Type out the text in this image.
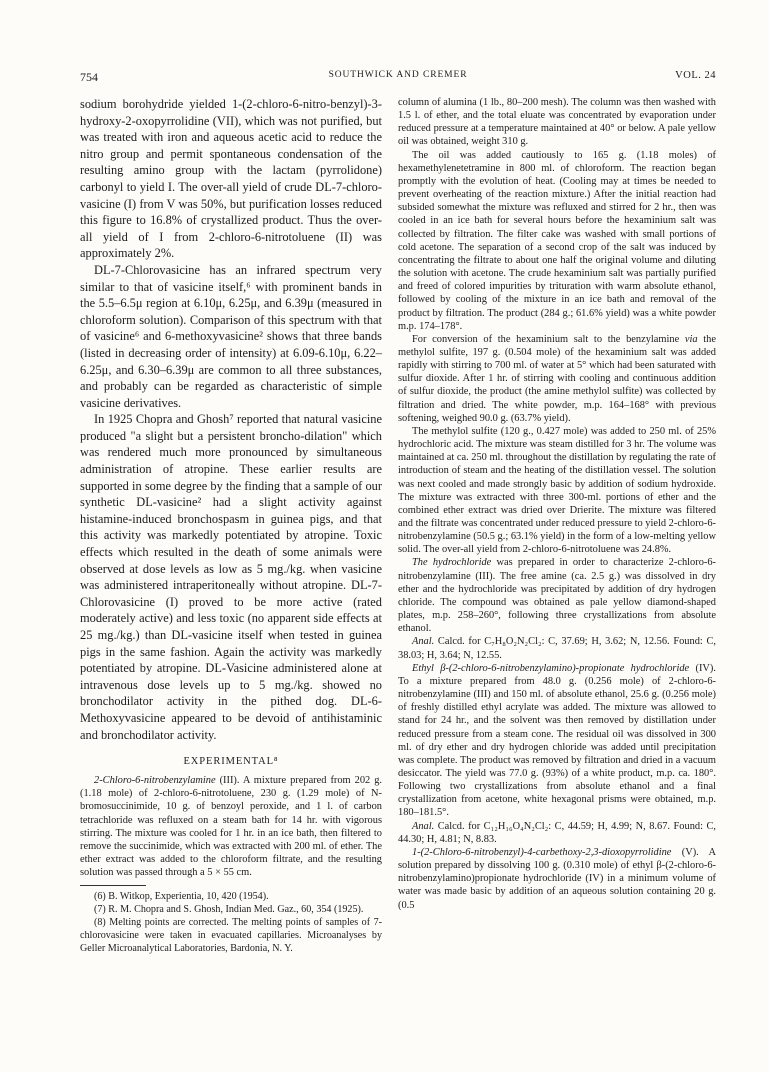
754	SOUTHWICK AND CREMER	VOL. 24

sodium borohydride yielded 1-(2-chloro-6-nitro-benzyl)-3-hydroxy-2-oxopyrrolidine (VII), which was not purified, but was treated with iron and aqueous acetic acid to reduce the nitro group and permit spontaneous condensation of the resulting amino group with the lactam (pyrrolidone) carbonyl to yield I. The over-all yield of crude DL-7-chloro-vasicine (I) from V was 50%, but purification losses reduced this figure to 16.8% of crystallized product. Thus the over-all yield of I from 2-chloro-6-nitrotoluene (II) was approximately 2%.

DL-7-Chlorovasicine has an infrared spectrum very similar to that of vasicine itself,⁶ with prominent bands in the 5.5–6.5μ region at 6.10μ, 6.25μ, and 6.39μ (measured in chloroform solution). Comparison of this spectrum with that of vasicine⁶ and 6-methoxyvasicine² shows that three bands (listed in decreasing order of intensity) at 6.09-6.10μ, 6.22–6.25μ, and 6.30–6.39μ are common to all three substances, and probably can be regarded as characteristic of simple vasicine derivatives.

In 1925 Chopra and Ghosh⁷ reported that natural vasicine produced "a slight but a persistent broncho-dilation" which was rendered much more pronounced by simultaneous administration of atropine. These earlier results are supported in some degree by the finding that a sample of our synthetic DL-vasicine² had a slight activity against histamine-induced bronchospasm in guinea pigs, and that this activity was markedly potentiated by atropine. Toxic effects which resulted in the death of some animals were observed at dose levels as low as 5 mg./kg. when vasicine was administered intraperitoneally without atropine. DL-7-Chlorovasicine (I) proved to be more active (rated moderately active) and less toxic (no apparent side effects at 25 mg./kg.) than DL-vasicine itself when tested in guinea pigs in the same fashion. Again the activity was markedly potentiated by atropine. DL-Vasicine administered alone at intravenous dose levels up to 5 mg./kg. showed no bronchodilator activity in the pithed dog. DL-6-Methoxyvasicine appeared to be devoid of antihistaminic and bronchodilator activity.

EXPERIMENTAL⁸

2-Chloro-6-nitrobenzylamine (III). A mixture prepared from 202 g. (1.18 mole) of 2-chloro-6-nitrotoluene, 230 g. (1.29 mole) of N-bromosuccinimide, 10 g. of benzoyl peroxide, and 1 l. of carbon tetrachloride was refluxed on a steam bath for 14 hr. with vigorous stirring. The mixture was cooled for 1 hr. in an ice bath, then filtered to remove the succinimide, which was extracted with 200 ml. of ether. The ether extract was added to the chloroform filtrate, and the resulting solution was passed through a 5 × 55 cm.

(6) B. Witkop, Experientia, 10, 420 (1954).

(7) R. M. Chopra and S. Ghosh, Indian Med. Gaz., 60, 354 (1925).

(8) Melting points are corrected. The melting points of samples of 7-chlorovasicine were taken in evacuated capillaries. Microanalyses by Geller Microanalytical Laboratories, Bardonia, N. Y.

column of alumina (1 lb., 80–200 mesh). The column was then washed with 1.5 l. of ether, and the total eluate was concentrated by evaporation under reduced pressure at a temperature maintained at 40° or below. A pale yellow oil was obtained, weight 310 g.

The oil was added cautiously to 165 g. (1.18 moles) of hexamethylenetetramine in 800 ml. of chloroform. The reaction began promptly with the evolution of heat. (Cooling may at times be needed to prevent overheating of the reaction mixture.) After the initial reaction had subsided somewhat the mixture was refluxed and stirred for 2 hr., then was cooled in an ice bath for several hours before the hexaminium salt was collected by filtration. The filter cake was washed with small portions of cold acetone. The separation of a second crop of the salt was induced by concentrating the filtrate to about one half the original volume and diluting the solution with acetone. The crude hexaminium salt was partially purified and freed of colored impurities by trituration with warm absolute ethanol, followed by cooling of the mixture in an ice bath and removal of the product by filtration. The product (284 g.; 61.6% yield) was a white powder m.p. 174–178°.

For conversion of the hexaminium salt to the benzylamine via the methylol sulfite, 197 g. (0.504 mole) of the hexaminium salt was added rapidly with stirring to 700 ml. of water at 5° which had been saturated with sulfur dioxide. After 1 hr. of stirring with cooling and continuous addition of sulfur dioxide, the product (the amine methylol sulfite) was collected by filtration and dried. The white powder, m.p. 164–168° with previous softening, weighed 90.0 g. (63.7% yield).

The methylol sulfite (120 g., 0.427 mole) was added to 250 ml. of 25% hydrochloric acid. The mixture was steam distilled for 3 hr. The volume was maintained at ca. 250 ml. throughout the distillation by regulating the rate of introduction of steam and the heating of the distillation vessel. The solution was next cooled and made strongly basic by addition of sodium hydroxide. The mixture was extracted with three 300-ml. portions of ether and the combined ether extract was dried over Drierite. The mixture was filtered and the filtrate was concentrated under reduced pressure to yield 2-chloro-6-nitrobenzylamine (50.5 g.; 63.1% yield) in the form of a low-melting yellow solid. The over-all yield from 2-chloro-6-nitrotoluene was 24.8%.

The hydrochloride was prepared in order to characterize 2-chloro-6-nitrobenzylamine (III). The free amine (ca. 2.5 g.) was dissolved in dry ether and the hydrochloride was precipitated by addition of dry hydrogen chloride. The compound was obtained as pale yellow diamond-shaped plates, m.p. 258–260°, following three crystallizations from absolute ethanol.

Anal. Calcd. for C₇H₈O₂N₂Cl₂: C, 37.69; H, 3.62; N, 12.56. Found: C, 38.03; H, 3.64; N, 12.55.

Ethyl β-(2-chloro-6-nitrobenzylamino)-propionate hydrochloride (IV). To a mixture prepared from 48.0 g. (0.256 mole) of 2-chloro-6-nitrobenzylamine (III) and 150 ml. of absolute ethanol, 25.6 g. (0.256 mole) of freshly distilled ethyl acrylate was added. The mixture was allowed to stand for 24 hr., and the solvent was then removed by distillation under reduced pressure from a steam cone. The residual oil was dissolved in 300 ml. of dry ether and dry hydrogen chloride was added until precipitation was complete. The product was removed by filtration and dried in a vacuum desiccator. The yield was 77.0 g. (93%) of a white product, m.p. ca. 180°. Following two crystallizations from absolute ethanol and a final crystallization from acetone, white hexagonal prisms were obtained, m.p. 180–181.5°.

Anal. Calcd. for C₁₂H₁₆O₄N₂Cl₂: C, 44.59; H, 4.99; N, 8.67. Found: C, 44.30; H, 4.81; N, 8.83.

1-(2-Chloro-6-nitrobenzyl)-4-carbethoxy-2,3-dioxopyrrolidine (V). A solution prepared by dissolving 100 g. (0.310 mole) of ethyl β-(2-chloro-6-nitrobenzylamino)propionate hydrochloride (IV) in a minimum volume of water was made basic by addition of an aqueous solution containing 20 g. (0.5
